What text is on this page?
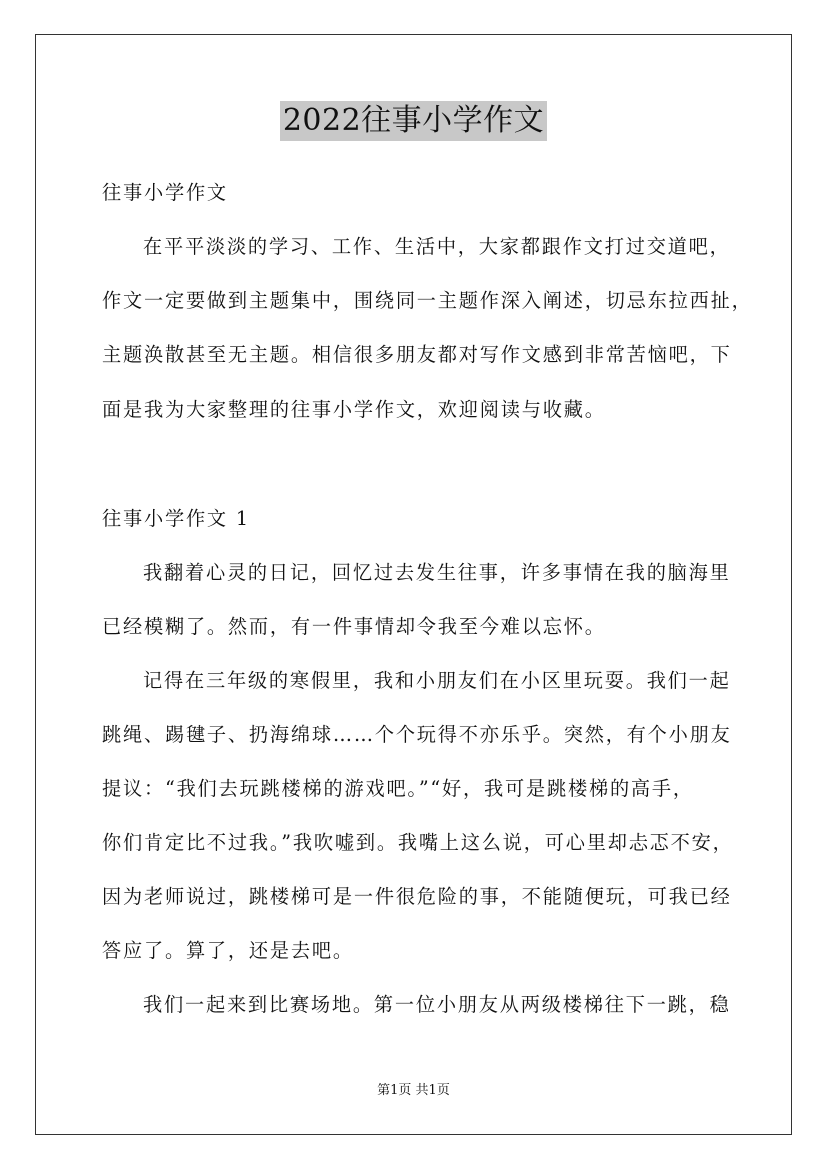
2022往事小学作文
往事小学作文
在平平淡淡的学习、工作、生活中，大家都跟作文打过交道吧，
作文一定要做到主题集中，围绕同一主题作深入阐述，切忌东拉西扯，
主题涣散甚至无主题。相信很多朋友都对写作文感到非常苦恼吧，下
面是我为大家整理的往事小学作文，欢迎阅读与收藏。
往事小学作文 1
我翻着心灵的日记，回忆过去发生往事，许多事情在我的脑海里
已经模糊了。然而，有一件事情却令我至今难以忘怀。
记得在三年级的寒假里，我和小朋友们在小区里玩耍。我们一起
跳绳、踢毽子、扔海绵球……个个玩得不亦乐乎。突然，有个小朋友
提议：“我们去玩跳楼梯的游戏吧。”“好，我可是跳楼梯的高手，
你们肯定比不过我。”我吹嘘到。我嘴上这么说，可心里却忐忑不安，
因为老师说过，跳楼梯可是一件很危险的事，不能随便玩，可我已经
答应了。算了，还是去吧。
我们一起来到比赛场地。第一位小朋友从两级楼梯往下一跳，稳
第1页 共1页
